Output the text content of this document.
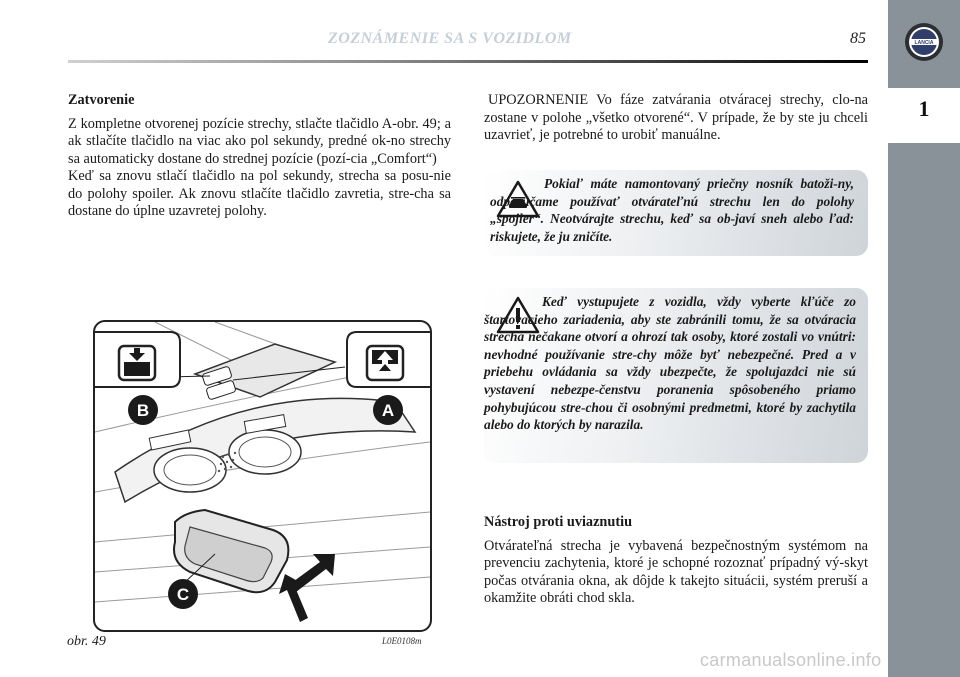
ZOZNÁMENIE SA S VOZIDLOM	85
1
LANCIA
Zatvorenie

Z kompletne otvorenej pozície strechy, stlačte tlačidlo A-obr. 49; a ak stlačíte tlačidlo na viac ako pol sekundy, predné ok-no strechy sa automaticky dostane do strednej pozície (pozí-cia „Comfort“)

Keď sa znovu stlačí tlačidlo na pol sekundy, strecha sa posu-nie do polohy spoiler. Ak znovu stlačíte tlačidlo zavretia, stre-cha sa dostane do úplne uzavretej polohy.

UPOZORNENIE Vo fáze zatvárania otváracej strechy, clo-na zostane v polohe „všetko otvorené“. V prípade, že by ste ju chceli uzavrieť, je potrebné to urobiť manuálne.

Pokiaľ máte namontovaný priečny nosník batoži-ny, odporúčame používať otvárateľnú strechu len do polohy „spojler“. Neotvárajte strechu, keď sa ob-javí sneh alebo ľad: riskujete, že ju zničíte.
Keď vystupujete z vozidla, vždy vyberte kľúče zo štartovacieho zariadenia, aby ste zabránili tomu, že sa otváracia strecha nečakane otvorí a ohrozí tak osoby, ktoré zostali vo vnútri: nevhodné používanie stre-chy môže byť nebezpečné. Pred a v priebehu ovládania sa vždy ubezpečte, že spolujazdci nie sú vystavení nebezpe-čenstvu poranenia spôsobeného priamo pohybujúcou stre-chou či osobnými predmetmi, ktoré by zachytila alebo do ktorých by narazila.
Nástroj proti uviaznutiu

Otvárateľná strecha je vybavená bezpečnostným systémom na prevenciu zachytenia, ktoré je schopné rozoznať prípadný vý-skyt počas otvárania okna, ak dôjde k takejto situácii, systém preruší a okamžite obráti chod skla.

B	A
C
obr. 49	L0E0108m
carmanualsonline.info
